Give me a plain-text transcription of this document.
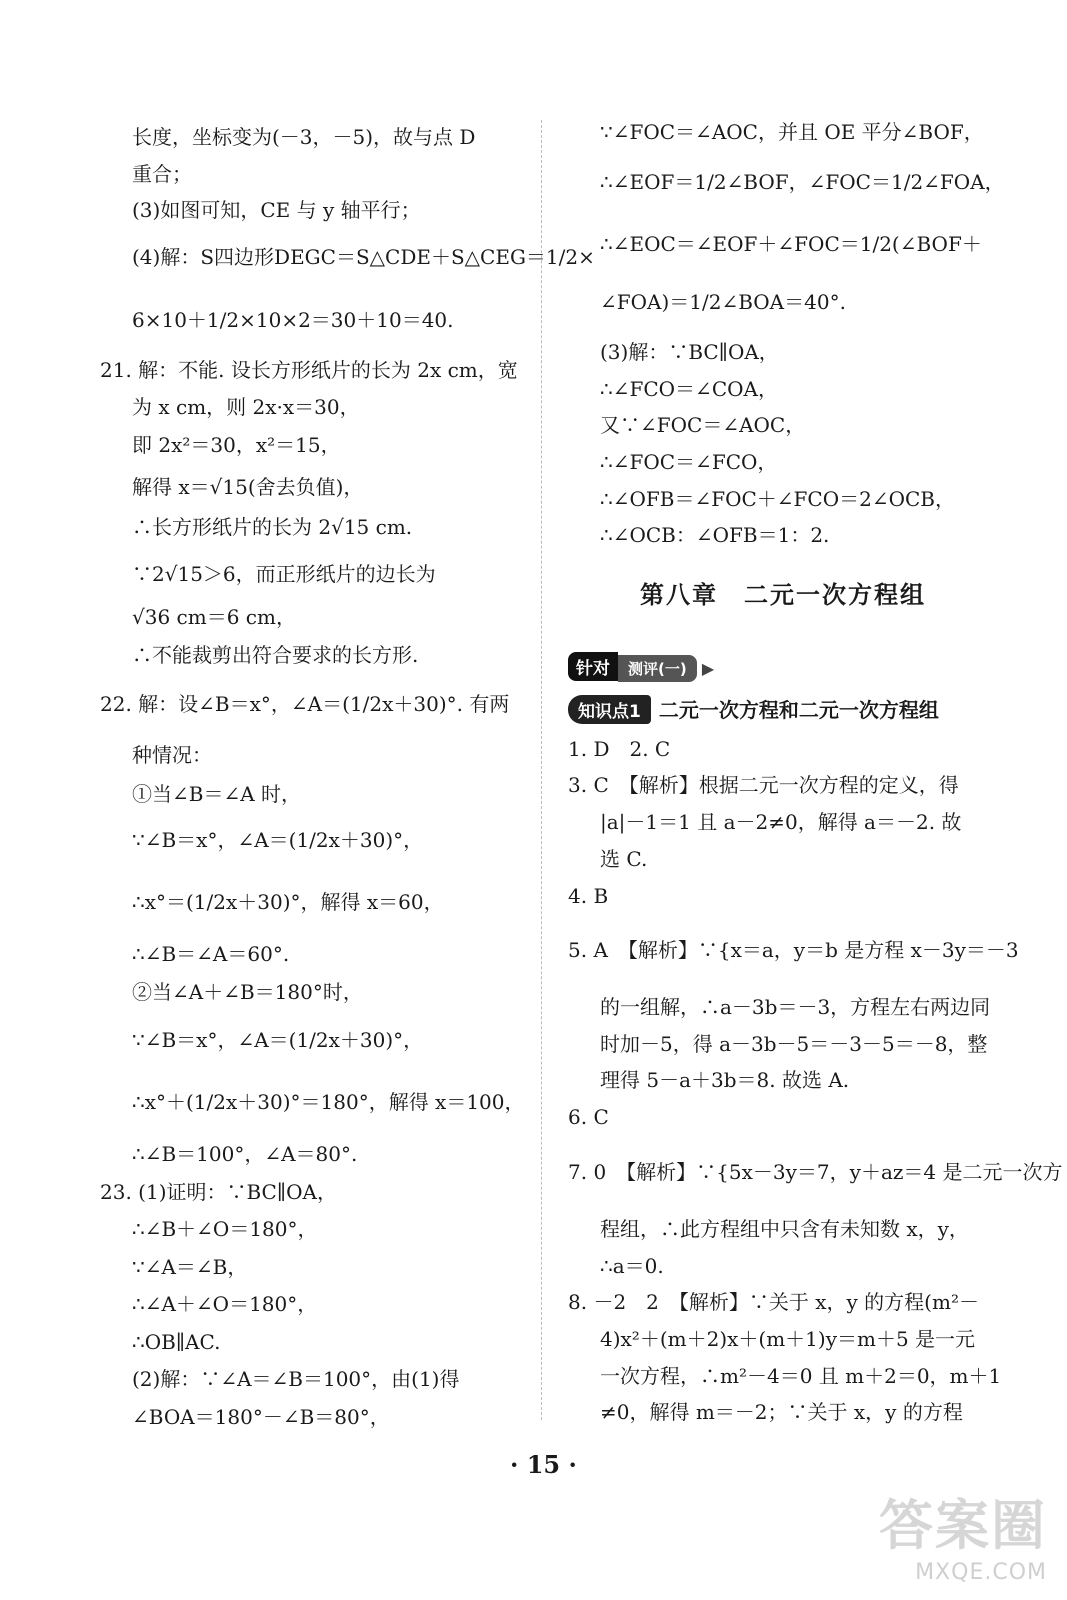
长度，坐标变为(－3，－5)，故与点 D
重合；
(3)如图可知，CE 与 y 轴平行；
(4)解：S四边形DEGC＝S△CDE＋S△CEG＝1/2×
6×10＋1/2×10×2＝30＋10＝40.
21. 解：不能. 设长方形纸片的长为 2x cm，宽
为 x cm，则 2x·x＝30，
即 2x²＝30，x²＝15，
解得 x＝√15(舍去负值)，
∴长方形纸片的长为 2√15 cm.
∵2√15＞6，而正形纸片的边长为
√36 cm＝6 cm，
∴不能裁剪出符合要求的长方形.
22. 解：设∠B＝x°，∠A＝(1/2x＋30)°. 有两
种情况：
①当∠B＝∠A 时，
∵∠B＝x°，∠A＝(1/2x＋30)°，
∴x°＝(1/2x＋30)°，解得 x＝60，
∴∠B＝∠A＝60°.
②当∠A＋∠B＝180°时，
∵∠B＝x°，∠A＝(1/2x＋30)°，
∴x°＋(1/2x＋30)°＝180°，解得 x＝100，
∴∠B＝100°，∠A＝80°.
23. (1)证明：∵BC∥OA，
∴∠B＋∠O＝180°，
∵∠A＝∠B，
∴∠A＋∠O＝180°，
∴OB∥AC.
(2)解：∵∠A＝∠B＝100°，由(1)得
∠BOA＝180°－∠B＝80°，
∵∠FOC＝∠AOC，并且 OE 平分∠BOF，
∴∠EOF＝1/2∠BOF，∠FOC＝1/2∠FOA，
∴∠EOC＝∠EOF＋∠FOC＝1/2(∠BOF＋
∠FOA)＝1/2∠BOA＝40°.
(3)解：∵BC∥OA，
∴∠FCO＝∠COA，
又∵∠FOC＝∠AOC，
∴∠FOC＝∠FCO，
∴∠OFB＝∠FOC＋∠FCO＝2∠OCB，
∴∠OCB：∠OFB＝1：2.
第八章　二元一次方程组
针对 测评(一) ▶
知识点1 二元一次方程和二元一次方程组
1. D　2. C
3. C　【解析】根据二元一次方程的定义，得
|a|－1＝1 且 a－2≠0，解得 a＝－2. 故
选 C.
4. B
5. A　【解析】∵{x＝a，y＝b 是方程 x－3y＝－3
的一组解，∴a－3b＝－3，方程左右两边同
时加－5，得 a－3b－5＝－3－5＝－8，整
理得 5－a＋3b＝8. 故选 A.
6. C
7. 0　【解析】∵{5x－3y＝7，y＋az＝4 是二元一次方
程组，∴此方程组中只含有未知数 x，y，
∴a＝0.
8. －2　2　【解析】∵关于 x，y 的方程(m²－
4)x²＋(m＋2)x＋(m＋1)y＝m＋5 是一元
一次方程，∴m²－4＝0 且 m＋2＝0，m＋1
≠0，解得 m＝－2；∵关于 x，y 的方程
· 15 ·
答案圈
MXQE.COM
